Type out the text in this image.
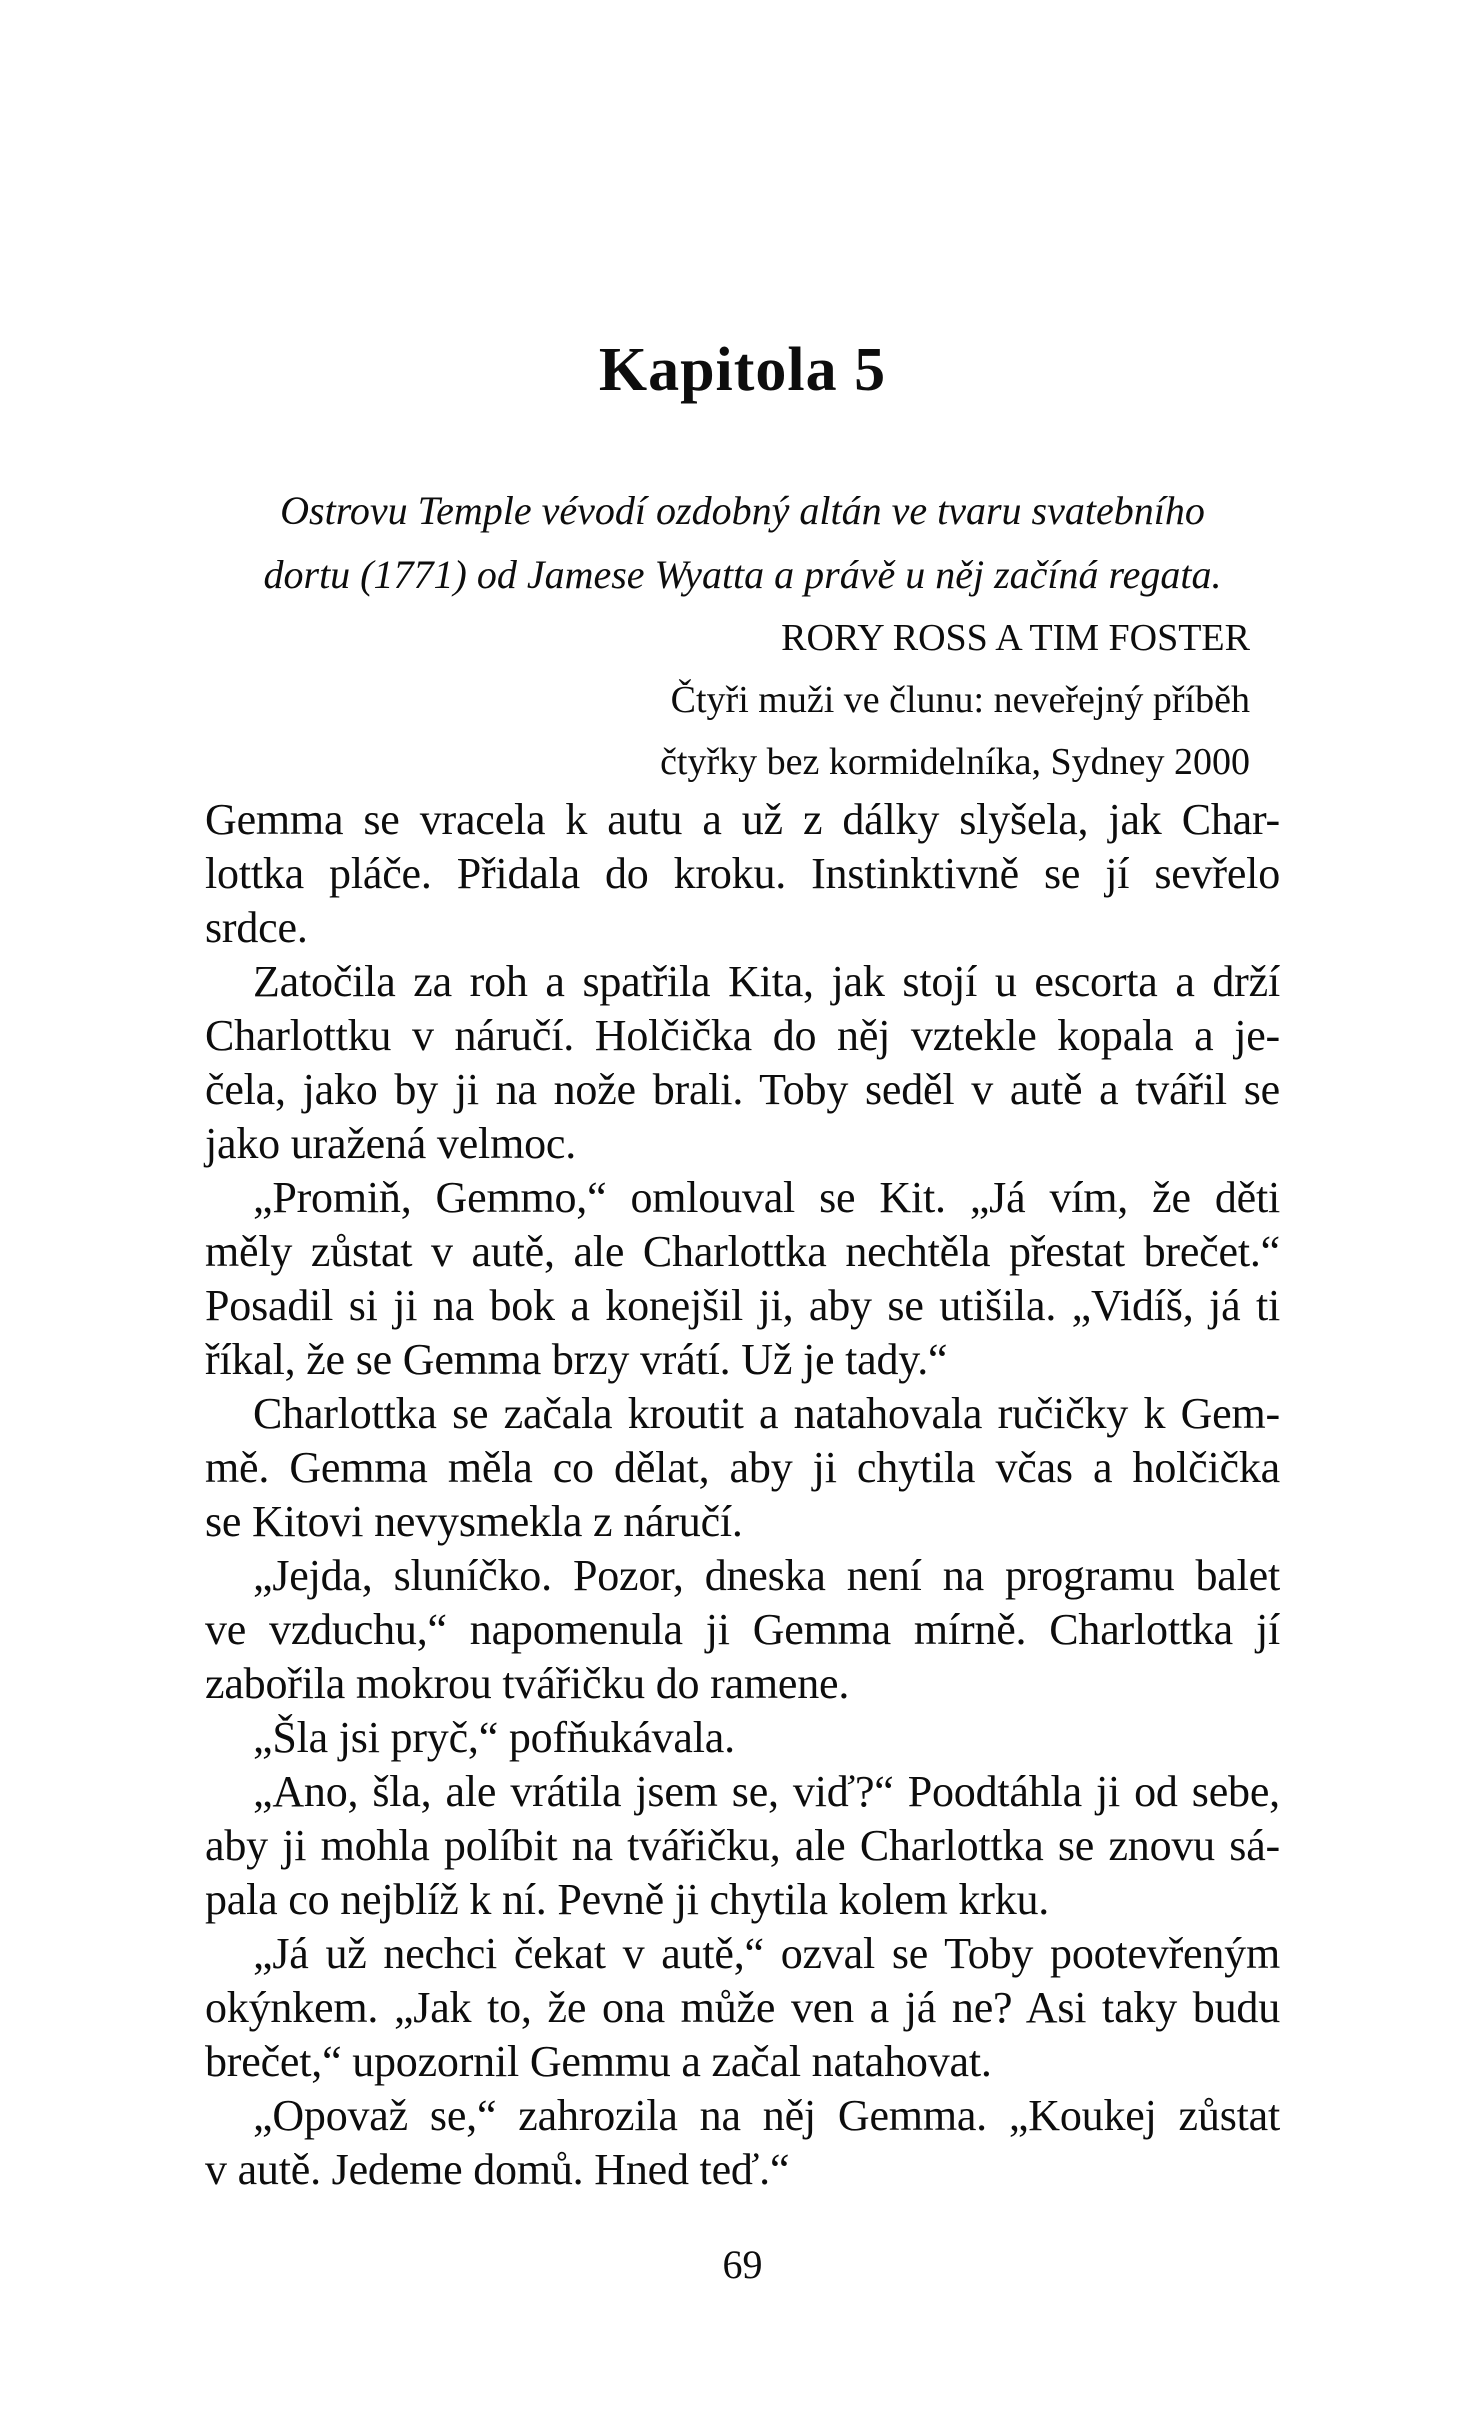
Kapitola 5
Ostrovu Temple vévodí ozdobný altán ve tvaru svatebního
dortu (1771) od Jamese Wyatta a právě u něj začíná regata.
RORY ROSS A TIM FOSTER
Čtyři muži ve člunu: neveřejný příběh
čtyřky bez kormidelníka, Sydney 2000
Gemma se vracela k autu a už z dálky slyšela, jak Char-
lottka pláče. Přidala do kroku. Instinktivně se jí sevřelo
srdce.
Zatočila za roh a spatřila Kita, jak stojí u escorta a drží
Charlottku v náručí. Holčička do něj vztekle kopala a je-
čela, jako by ji na nože brali. Toby seděl v autě a tvářil se
jako uražená velmoc.
„Promiň, Gemmo,“ omlouval se Kit. „Já vím, že děti
měly zůstat v autě, ale Charlottka nechtěla přestat brečet.“
Posadil si ji na bok a konejšil ji, aby se utišila. „Vidíš, já ti
říkal, že se Gemma brzy vrátí. Už je tady.“
Charlottka se začala kroutit a natahovala ručičky k Gem-
mě. Gemma měla co dělat, aby ji chytila včas a holčička
se Kitovi nevysmekla z náručí.
„Jejda, sluníčko. Pozor, dneska není na programu balet
ve vzduchu,“ napomenula ji Gemma mírně. Charlottka jí
zabořila mokrou tvářičku do ramene.
„Šla jsi pryč,“ pofňukávala.
„Ano, šla, ale vrátila jsem se, viď?“ Poodtáhla ji od sebe,
aby ji mohla políbit na tvářičku, ale Charlottka se znovu sá-
pala co nejblíž k ní. Pevně ji chytila kolem krku.
„Já už nechci čekat v autě,“ ozval se Toby pootevřeným
okýnkem. „Jak to, že ona může ven a já ne? Asi taky budu
brečet,“ upozornil Gemmu a začal natahovat.
„Opovaž se,“ zahrozila na něj Gemma. „Koukej zůstat
v autě. Jedeme domů. Hned teď.“
69
